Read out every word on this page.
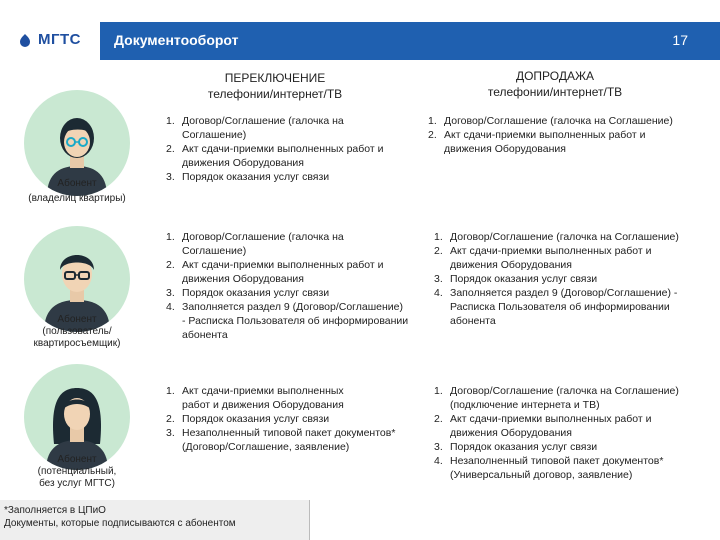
МГТС Документооборот	17
ПЕРЕКЛЮЧЕНИЕ
телефонии/интернет/ТВ
ДОПРОДАЖА
телефонии/интернет/ТВ
Абонент
(владелиц квартиры)
Абонент
(пользователь/
квартиросъемщик)
Абонент
(потенциальный,
без услуг МГТС)
1. Договор/Соглашение (галочка на
Соглашение)
2. Акт сдачи-приемки выполненных работ и
движения Оборудования
3. Порядок оказания услуг связи
1. Договор/Соглашение (галочка на Соглашение)
2. Акт сдачи-приемки выполненных работ и
движения Оборудования
1. Договор/Соглашение (галочка на
Соглашение)
2. Акт сдачи-приемки выполненных работ и
движения Оборудования
3. Порядок оказания услуг связи
4. Заполняется раздел 9 (Договор/Соглашение)
- Расписка Пользователя об информировании
абонента
1. Договор/Соглашение (галочка на Соглашение)
2. Акт сдачи-приемки выполненных работ и
движения Оборудования
3. Порядок оказания услуг связи
4. Заполняется раздел 9 (Договор/Соглашение) -
Расписка Пользователя об информировании
абонента
1. Акт сдачи-приемки выполненных
работ и движения Оборудования
2. Порядок оказания услуг связи
3. Незаполненный типовой пакет документов*
(Договор/Соглашение, заявление)
1. Договор/Соглашение (галочка на Соглашение)
(подключение интернета и ТВ)
2. Акт сдачи-приемки выполненных работ и
движения Оборудования
3. Порядок оказания услуг связи
4. Незаполненный типовой пакет документов*
(Универсальный договор, заявление)
*Заполняется в ЦПиО
Документы, которые подписываются с абонентом
